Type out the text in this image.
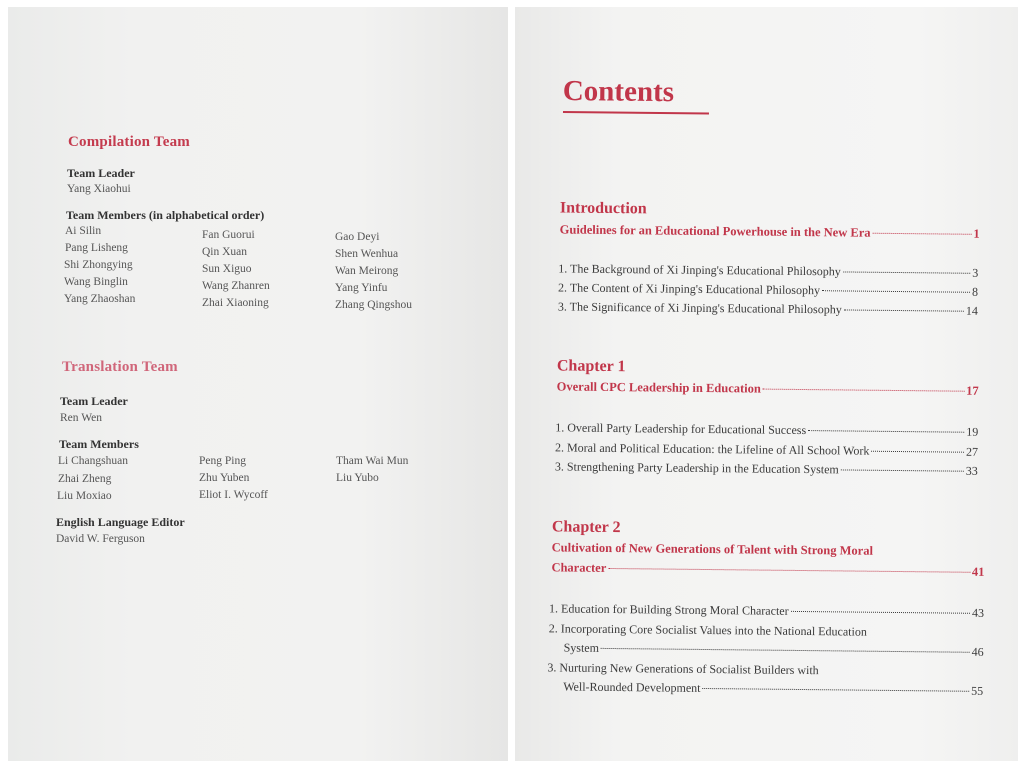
Compilation Team
Team Leader
Yang Xiaohui
Team Members (in alphabetical order)
Ai Silin	Fan Guorui	Gao Deyi
Pang Lisheng	Qin Xuan	Shen Wenhua
Shi Zhongying	Sun Xiguo	Wan Meirong
Wang Binglin	Wang Zhanren	Yang Yinfu
Yang Zhaoshan	Zhai Xiaoning	Zhang Qingshou
Translation Team
Team Leader
Ren Wen
Team Members
Li Changshuan	Peng Ping	Tham Wai Mun
Zhai Zheng	Zhu Yuben	Liu Yubo
Liu Moxiao	Eliot I. Wycoff
English Language Editor
David W. Ferguson
Contents
Introduction
Guidelines for an Educational Powerhouse in the New Era	1
1. The Background of Xi Jinping's Educational Philosophy	3
2. The Content of Xi Jinping's Educational Philosophy	8
3. The Significance of Xi Jinping's Educational Philosophy	14
Chapter 1
Overall CPC Leadership in Education	17
1. Overall Party Leadership for Educational Success	19
2. Moral and Political Education: the Lifeline of All School Work	27
3. Strengthening Party Leadership in the Education System	33
Chapter 2
Cultivation of New Generations of Talent with Strong Moral
Character	41
1. Education for Building Strong Moral Character	43
2. Incorporating Core Socialist Values into the National Education
System	46
3. Nurturing New Generations of Socialist Builders with
Well-Rounded Development	55
